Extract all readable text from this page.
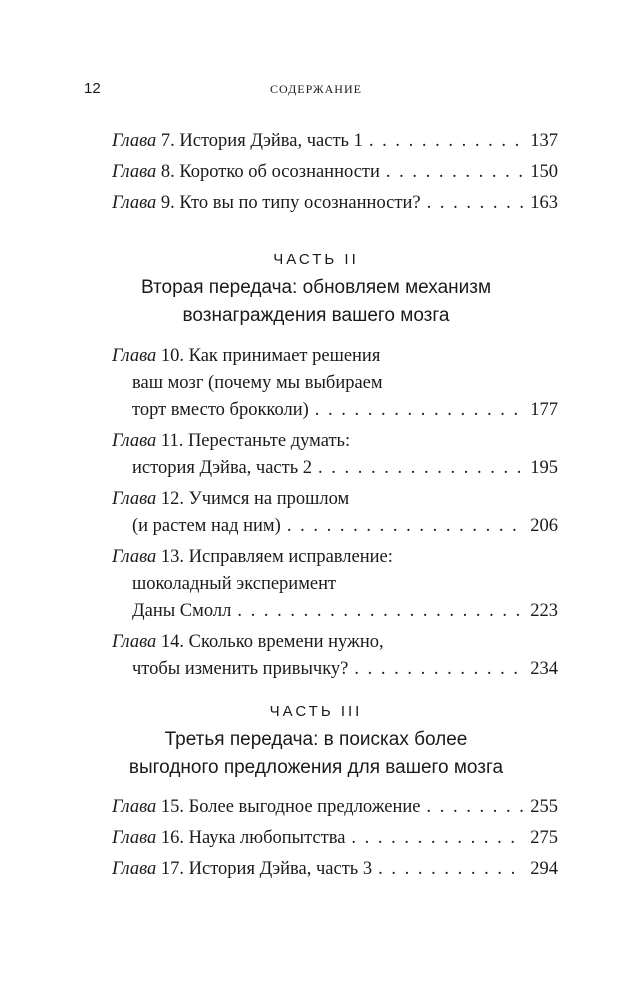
12	СОДЕРЖАНИЕ
Глава
7. История Дэйва, часть 1 . . .	137
Глава
8. Коротко об осознанности . . .	150
Глава
9. Кто вы по типу осознанности? . . .	163
ЧАСТЬ II
Вторая передача: обновляем механизм
вознаграждения вашего мозга
Глава
10. Как принимает решения
ваш мозг (почему мы выбираем
торт вместо брокколи) . . .	177
Глава
11. Перестаньте думать:
история Дэйва, часть 2 . . .	195
Глава
12. Учимся на прошлом
(и растем над ним) . . .	206
Глава
13. Исправляем исправление:
шоколадный эксперимент
Даны Смолл . . .	223
Глава
14. Сколько времени нужно,
чтобы изменить привычку? . . .	234
ЧАСТЬ III
Третья передача: в поисках более
выгодного предложения для вашего мозга
Глава
15. Более выгодное предложение . . .	255
Глава
16. Наука любопытства . . .	275
Глава
17. История Дэйва, часть 3 . . .	294
